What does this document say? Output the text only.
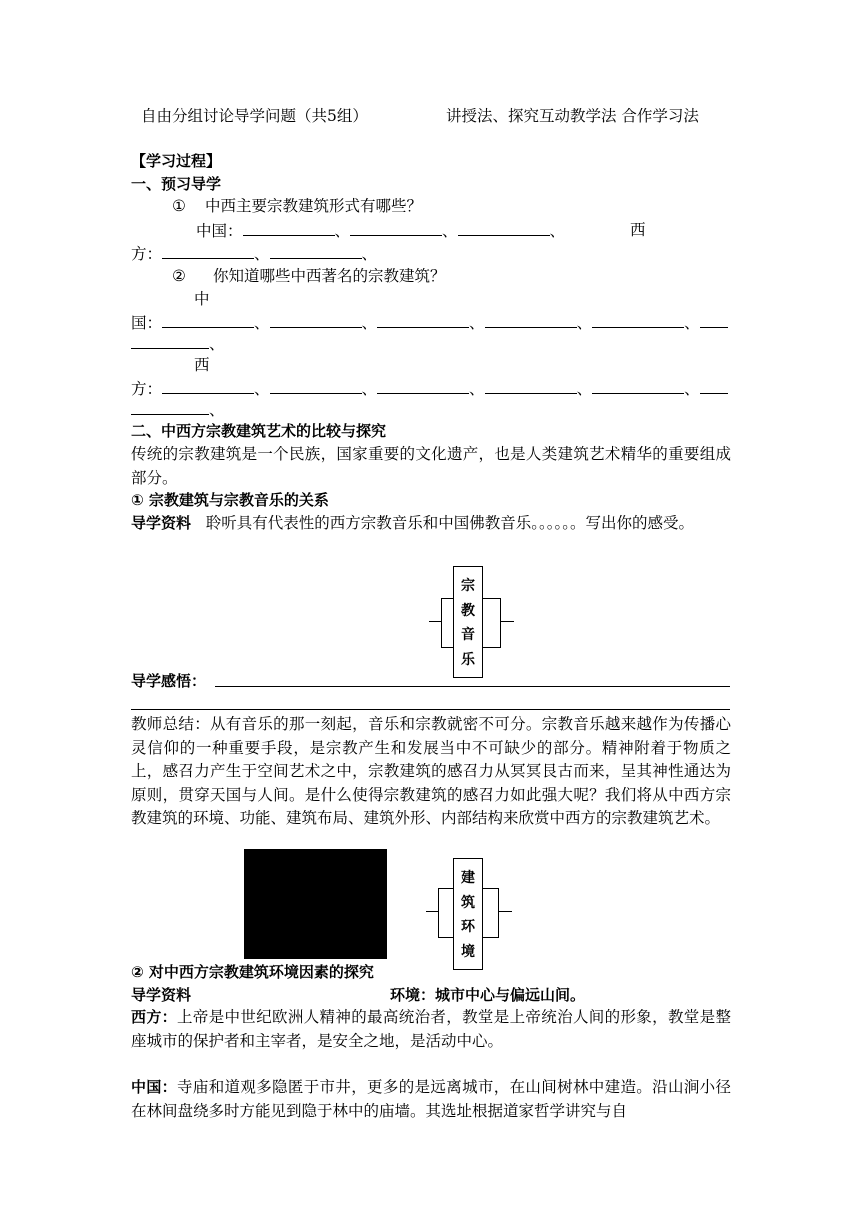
自由分组讨论导学问题（共5组）	讲授法、探究互动教学法 合作学习法
【学习过程】
一、预习导学
① 中西主要宗教建筑形式有哪些？
中国：	、	、	、	西
方：	、	、
② 你知道哪些中西著名的宗教建筑？
中
国：	、	、	、	、	、
、
西
方：	、	、	、	、	、
、
二、中西方宗教建筑艺术的比较与探究
传统的宗教建筑是一个民族，国家重要的文化遗产，也是人类建筑艺术精华的重要组成部分。
① 宗教建筑与宗教音乐的关系
导学资料 聆听具有代表性的西方宗教音乐和中国佛教音乐。。。。。。写出你的感受。
宗
教
音
乐
导学感悟：
教师总结：从有音乐的那一刻起，音乐和宗教就密不可分。宗教音乐越来越作为传播心灵信仰的一种重要手段，是宗教产生和发展当中不可缺少的部分。精神附着于物质之上，感召力产生于空间艺术之中，宗教建筑的感召力从冥冥艮古而来，呈其神性通达为原则，贯穿天国与人间。是什么使得宗教建筑的感召力如此强大呢？我们将从中西方宗教建筑的环境、功能、建筑布局、建筑外形、内部结构来欣赏中西方的宗教建筑艺术。
建
筑
环
境
② 对中西方宗教建筑环境因素的探究
导学资料	环境：城市中心与偏远山间。
西方：上帝是中世纪欧洲人精神的最高统治者，教堂是上帝统治人间的形象，教堂是整座城市的保护者和主宰者，是安全之地，是活动中心。
中国：寺庙和道观多隐匿于市井，更多的是远离城市，在山间树林中建造。沿山涧小径在林间盘绕多时方能见到隐于林中的庙墙。其选址根据道家哲学讲究与自
